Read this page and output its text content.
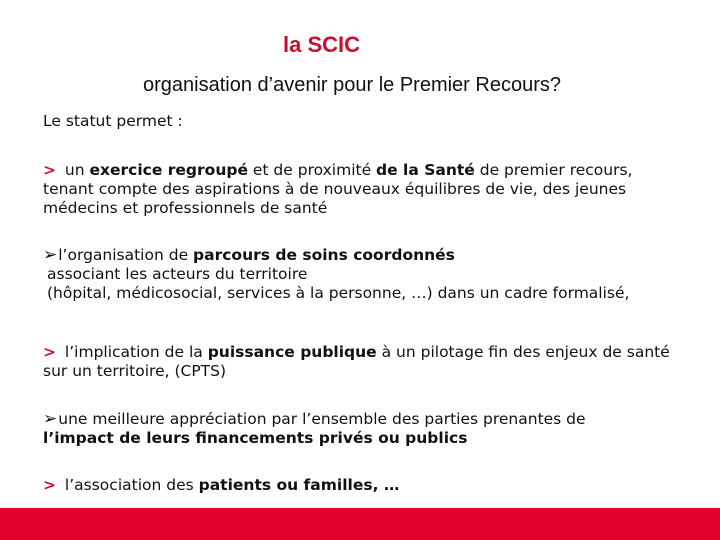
la SCIC
organisation d’avenir pour le Premier Recours?
Le statut permet :
> un exercice regroupé et de proximité de la Santé de premier recours,
tenant compte des aspirations à de nouveaux équilibres de vie, des jeunes
médecins et professionnels de santé
➢l’organisation de parcours de soins coordonnés
associant les acteurs du territoire
(hôpital, médicosocial, services à la personne, …) dans un cadre formalisé,
> l’implication de la puissance publique à un pilotage fin des enjeux de santé
sur un territoire, (CPTS)
➢une meilleure appréciation par l’ensemble des parties prenantes de
l’impact de leurs financements privés ou publics
> l’association des patients ou familles, …
